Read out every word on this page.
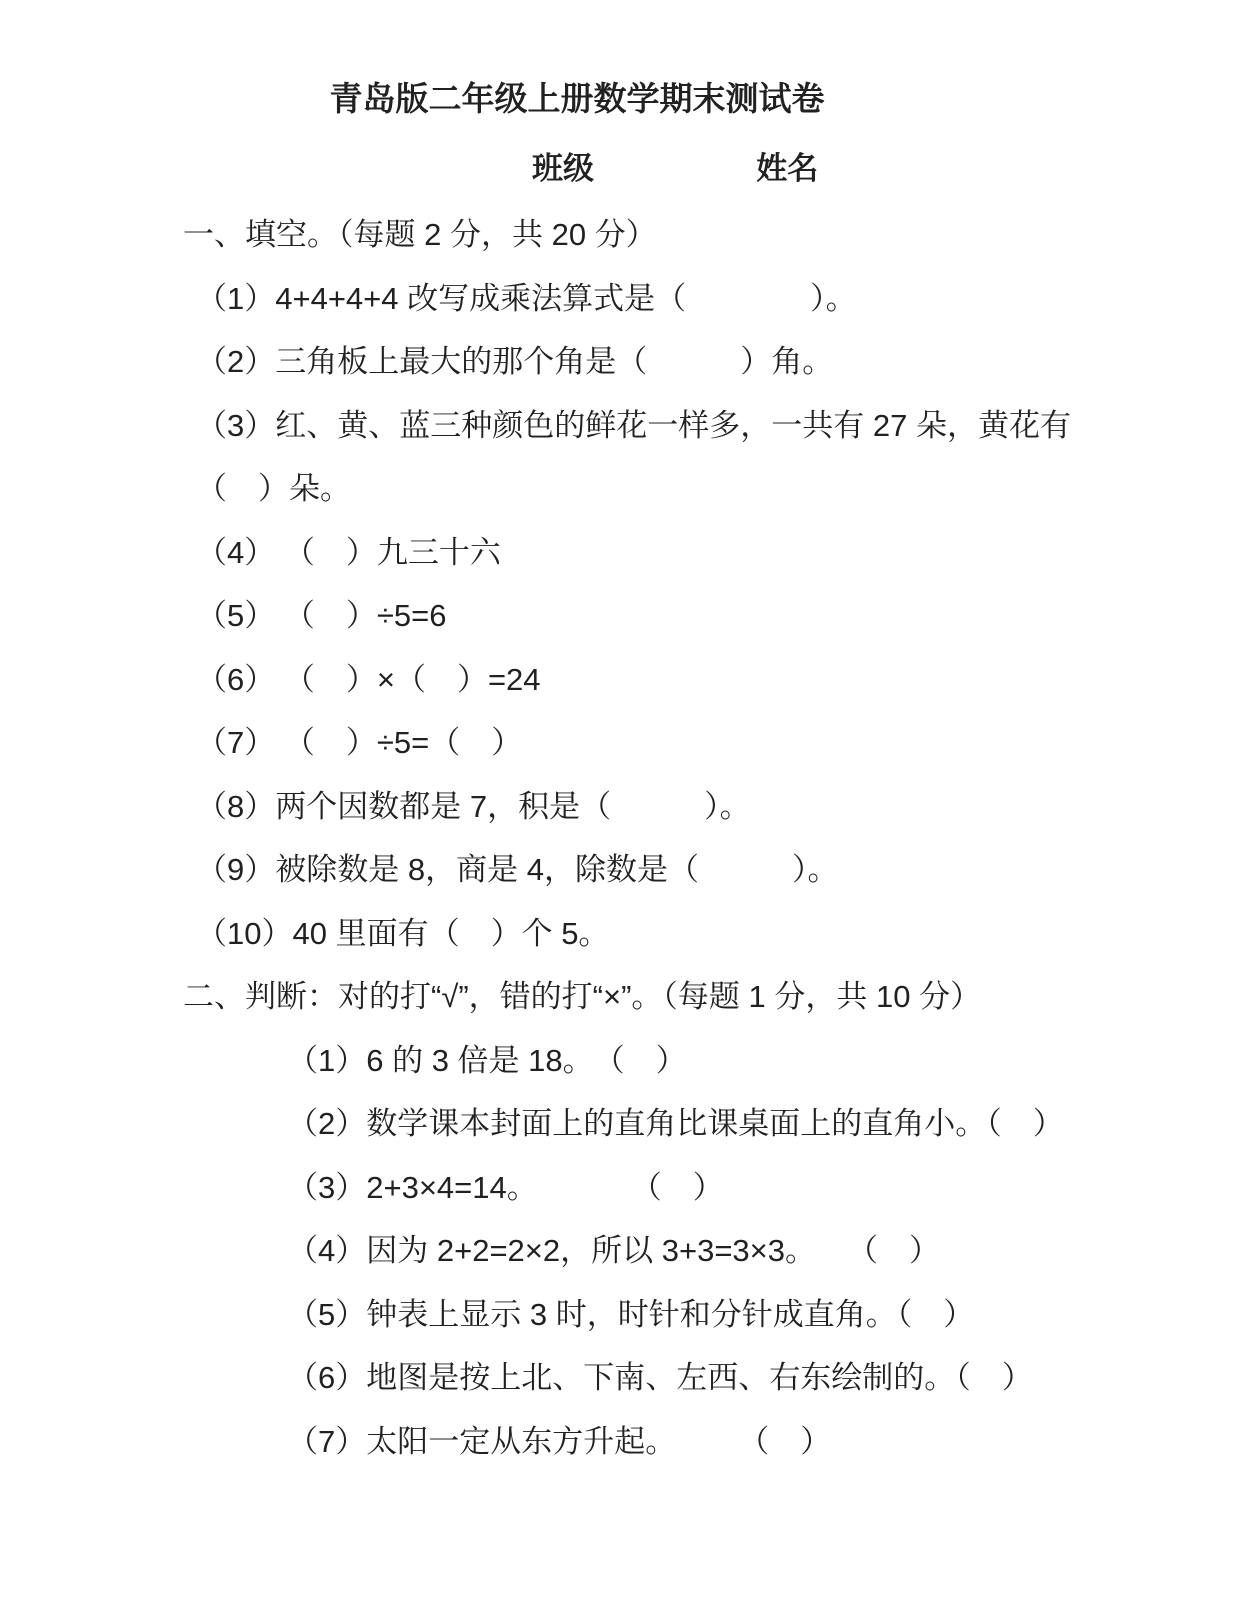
青岛版二年级上册数学期末测试卷
班级	姓名
一、填空。（每题 2 分，共 20 分）
（1）4+4+4+4 改写成乘法算式是（　　　　）。
（2）三角板上最大的那个角是（　　　）角。
（3）红、黄、蓝三种颜色的鲜花一样多，一共有 27 朵，黄花有
（　）朵。
（4） （　）九三十六
（5） （　）÷5=6
（6） （　）×（　）=24
（7） （　）÷5=（　）
（8）两个因数都是 7，积是（　　　）。
（9）被除数是 8，商是 4，除数是（　　　）。
（10）40 里面有（　）个 5。
二、判断：对的打“√”，错的打“×”。（每题 1 分，共 10 分）
（1）6 的 3 倍是 18。　（　）
（2）数学课本封面上的直角比课桌面上的直角小。（　）
（3）2+3×4=14。　　　　（　）
（4）因为 2+2=2×2，所以 3+3=3×3。　　（　）
（5）钟表上显示 3 时，时针和分针成直角。（　）
（6）地图是按上北、下南、左西、右东绘制的。（　）
（7）太阳一定从东方升起。　　　（　）
